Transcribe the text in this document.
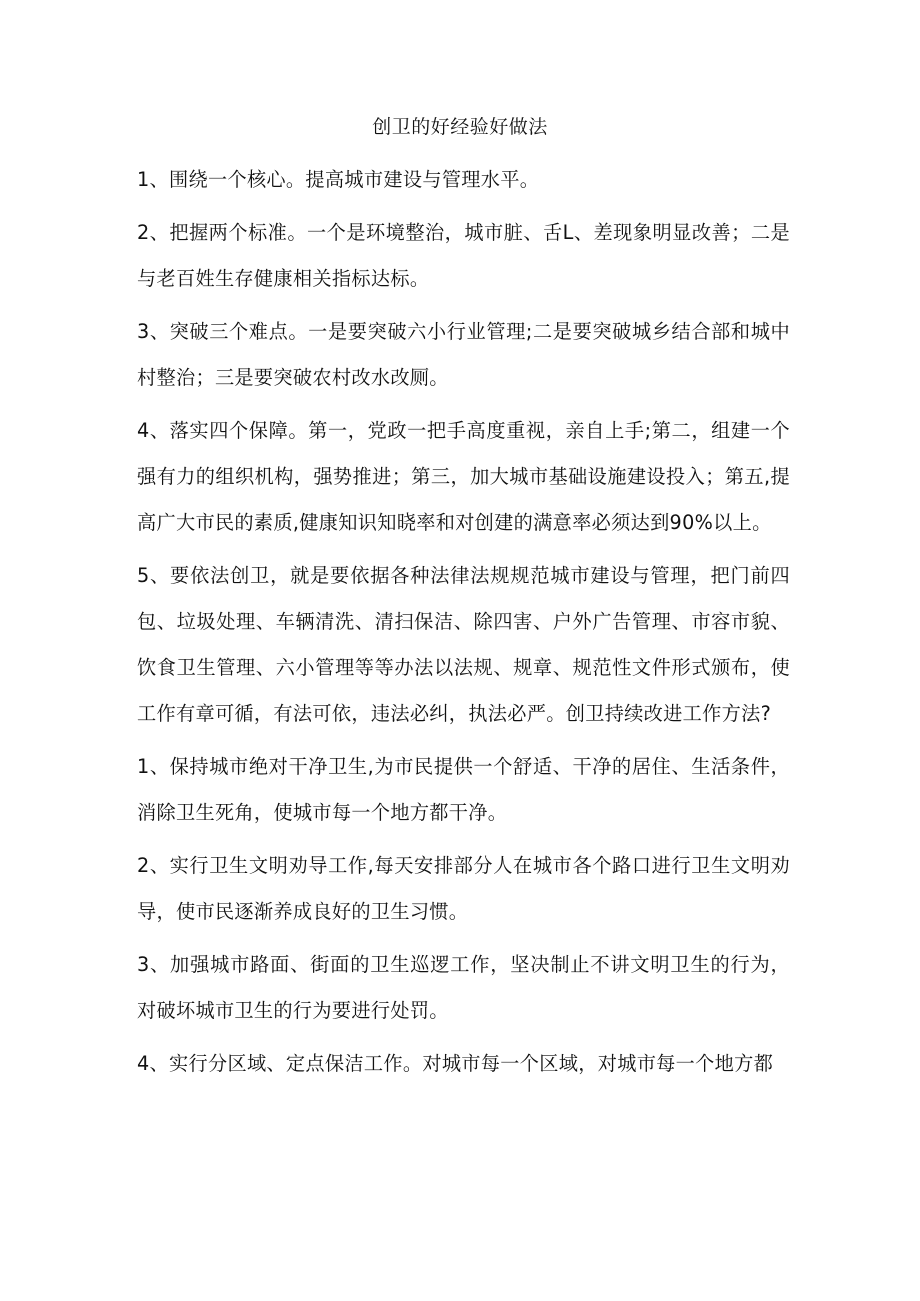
创卫的好经验好做法

1、围绕一个核心。提高城市建设与管理水平。

2、把握两个标准。一个是环境整治，城市脏、舌L、差现象明显改善；二是与老百姓生存健康相关指标达标。

3、突破三个难点。一是要突破六小行业管理;二是要突破城乡结合部和城中村整治；三是要突破农村改水改厕。

4、落实四个保障。第一，党政一把手高度重视，亲自上手;第二，组建一个强有力的组织机构，强势推进；第三，加大城市基础设施建设投入；第五,提高广大市民的素质,健康知识知晓率和对创建的满意率必须达到90%以上。

5、要依法创卫，就是要依据各种法律法规规范城市建设与管理，把门前四包、垃圾处理、车辆清洗、清扫保洁、除四害、户外广告管理、市容市貌、饮食卫生管理、六小管理等等办法以法规、规章、规范性文件形式颁布，使工作有章可循，有法可依，违法必纠，执法必严。创卫持续改进工作方法?

1、保持城市绝对干净卫生,为市民提供一个舒适、干净的居住、生活条件，消除卫生死角，使城市每一个地方都干净。

2、实行卫生文明劝导工作,每天安排部分人在城市各个路口进行卫生文明劝导，使市民逐渐养成良好的卫生习惯。

3、加强城市路面、街面的卫生巡逻工作，坚决制止不讲文明卫生的行为，对破坏城市卫生的行为要进行处罚。

4、实行分区域、定点保洁工作。对城市每一个区域，对城市每一个地方都
